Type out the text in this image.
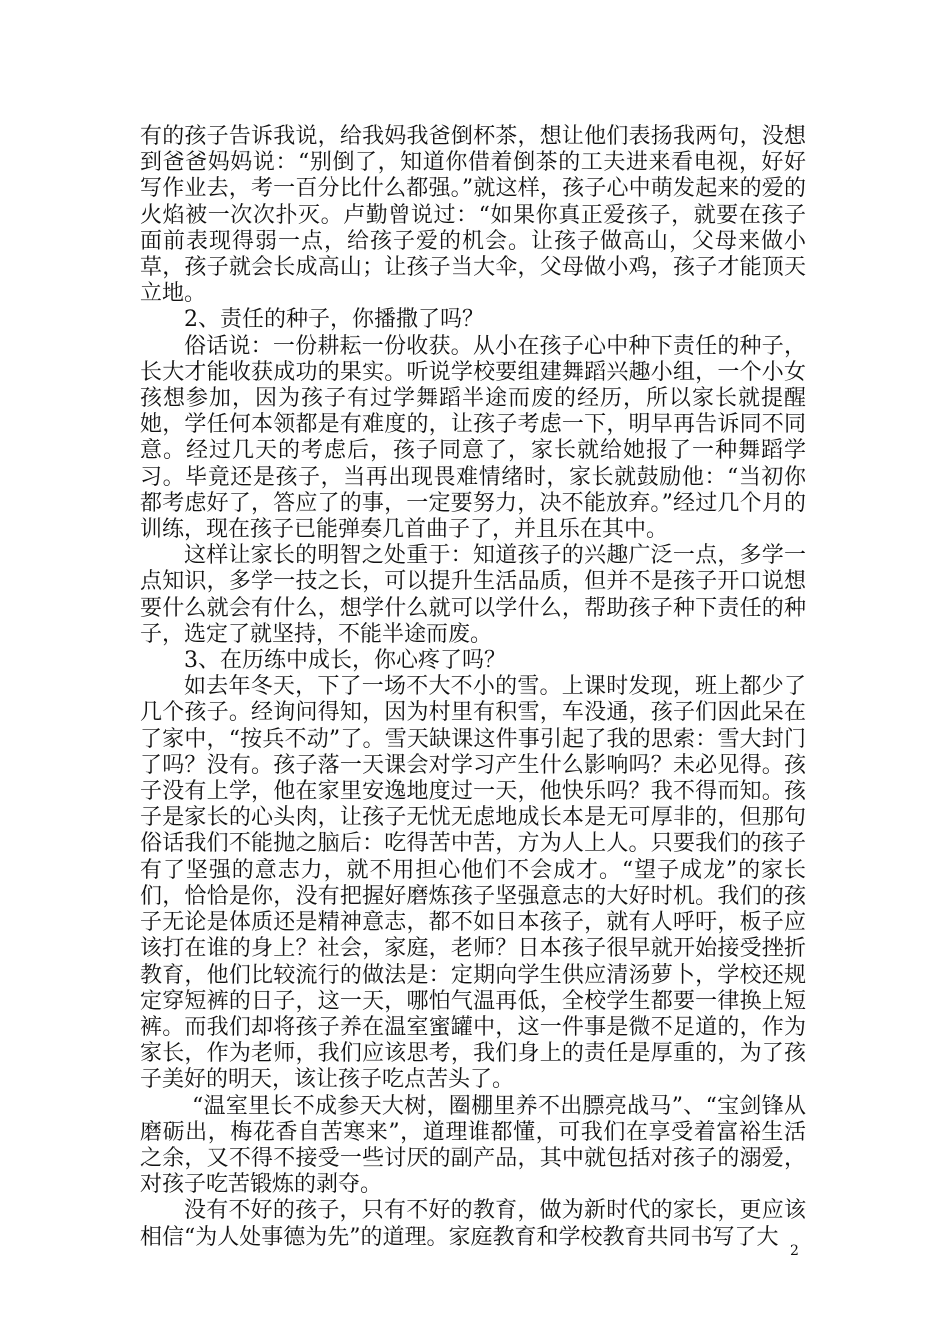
有的孩子告诉我说，给我妈我爸倒杯茶，想让他们表扬我两句，没想到爸爸妈妈说：“别倒了，知道你借着倒茶的工夫进来看电视，好好写作业去，考一百分比什么都强。”就这样，孩子心中萌发起来的爱的火焰被一次次扑灭。卢勤曾说过：“如果你真正爱孩子，就要在孩子面前表现得弱一点，给孩子爱的机会。让孩子做高山，父母来做小草，孩子就会长成高山；让孩子当大伞，父母做小鸡，孩子才能顶天立地。

2、责任的种子，你播撒了吗？

俗话说：一份耕耘一份收获。从小在孩子心中种下责任的种子，长大才能收获成功的果实。听说学校要组建舞蹈兴趣小组，一个小女孩想参加，因为孩子有过学舞蹈半途而废的经历，所以家长就提醒她，学任何本领都是有难度的，让孩子考虑一下，明早再告诉同不同意。经过几天的考虑后，孩子同意了，家长就给她报了一种舞蹈学习。毕竟还是孩子，当再出现畏难情绪时，家长就鼓励他：“当初你都考虑好了，答应了的事，一定要努力，决不能放弃。”经过几个月的训练，现在孩子已能弹奏几首曲子了，并且乐在其中。

这样让家长的明智之处重于：知道孩子的兴趣广泛一点，多学一点知识，多学一技之长，可以提升生活品质，但并不是孩子开口说想要什么就会有什么，想学什么就可以学什么，帮助孩子种下责任的种子，选定了就坚持，不能半途而废。

3、在历练中成长，你心疼了吗？

如去年冬天，下了一场不大不小的雪。上课时发现，班上都少了几个孩子。经询问得知，因为村里有积雪，车没通，孩子们因此呆在了家中，“按兵不动”了。雪天缺课这件事引起了我的思索：雪大封门了吗？没有。孩子落一天课会对学习产生什么影响吗？未必见得。孩子没有上学，他在家里安逸地度过一天，他快乐吗？我不得而知。孩子是家长的心头肉，让孩子无忧无虑地成长本是无可厚非的，但那句俗话我们不能抛之脑后：吃得苦中苦，方为人上人。只要我们的孩子有了坚强的意志力，就不用担心他们不会成才。“望子成龙”的家长们，恰恰是你，没有把握好磨炼孩子坚强意志的大好时机。我们的孩子无论是体质还是精神意志，都不如日本孩子，就有人呼吁，板子应该打在谁的身上？社会，家庭，老师？日本孩子很早就开始接受挫折教育，他们比较流行的做法是：定期向学生供应清汤萝卜，学校还规定穿短裤的日子，这一天，哪怕气温再低，全校学生都要一律换上短裤。而我们却将孩子养在温室蜜罐中，这一件事是微不足道的，作为家长，作为老师，我们应该思考，我们身上的责任是厚重的，为了孩子美好的明天，该让孩子吃点苦头了。

“温室里长不成参天大树，圈棚里养不出膘亮战马”、“宝剑锋从磨砺出，梅花香自苦寒来”，道理谁都懂，可我们在享受着富裕生活之余，又不得不接受一些讨厌的副产品，其中就包括对孩子的溺爱，对孩子吃苦锻炼的剥夺。

没有不好的孩子，只有不好的教育，做为新时代的家长，更应该相信“为人处事德为先”的道理。家庭教育和学校教育共同书写了大

2
